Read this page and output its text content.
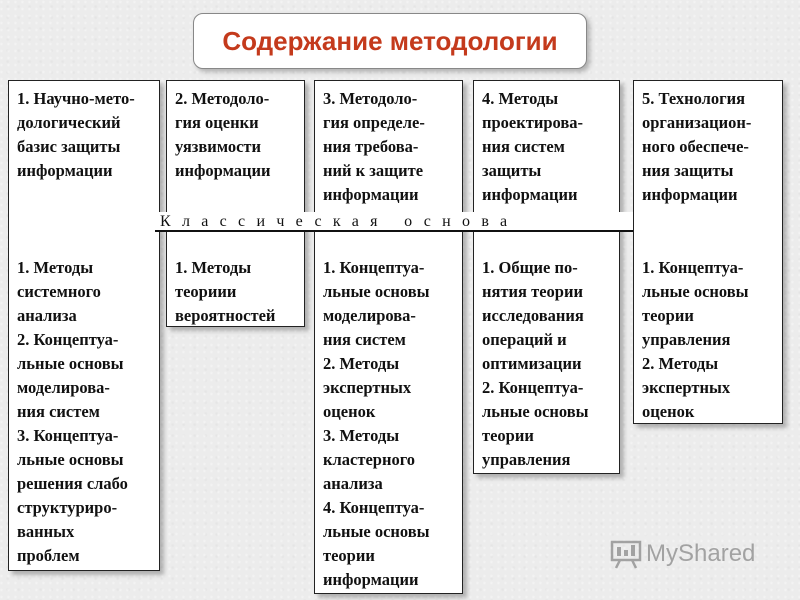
Содержание методологии
1. Научно-мето-
дологический
базис защиты
информации
1. Методы
системного
анализа
2. Концептуа-
льные основы
моделирова-
ния систем
3. Концептуа-
льные основы
решения слабо
структуриро-
ванных
проблем
2. Методоло-
гия оценки
уязвимости
информации
1. Методы
теориии
вероятностей
3. Методоло-
гия определе-
ния требова-
ний к защите
информации
1. Концептуа-
льные основы
моделирова-
ния систем
2. Методы
экспертных
оценок
3. Методы
кластерного
анализа
4. Концептуа-
льные основы
теории
информации
4. Методы
проектирова-
ния систем
защиты
информации
1. Общие по-
нятия теории
исследования
операций и
оптимизации
2. Концептуа-
льные основы
теории
управления
5. Технология
организацион-
ного обеспече-
ния защиты
информации
1. Концептуа-
льные основы
теории
управления
2. Методы
экспертных
оценок
Классическая основа
MyShared
